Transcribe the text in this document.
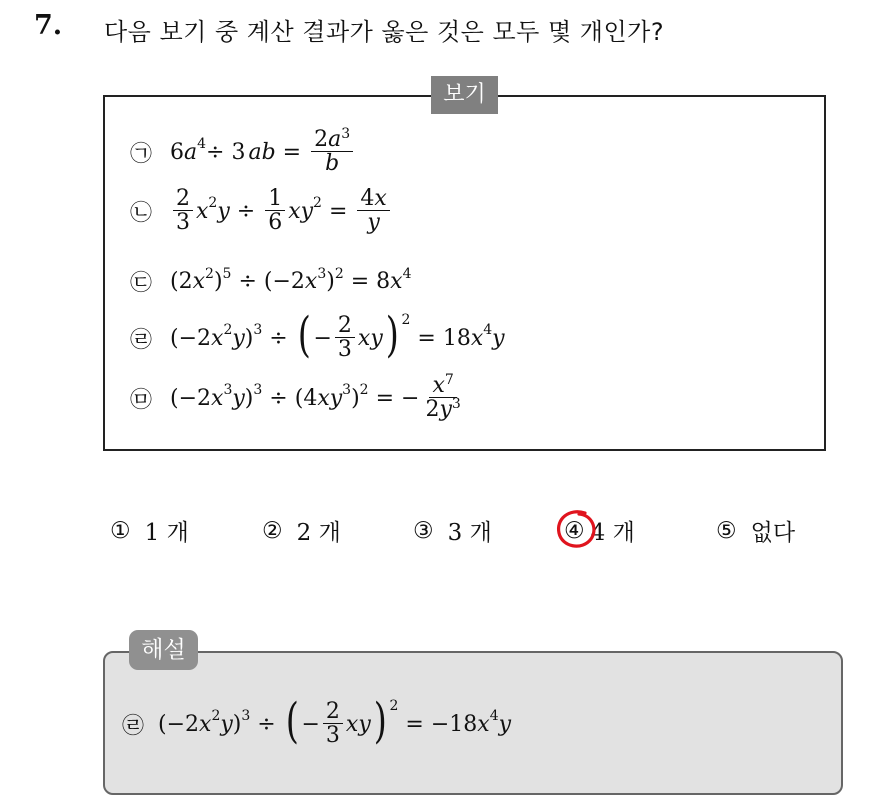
7. 다음 보기 중 계산 결과가 옳은 것은 모두 몇 개인가?
보기
㉠ 6 $a^4 \div 3$ ab = $\frac{2a^3}{b}$
㉡ $\frac{2}{3} x^2$ $y \div \frac{1}{6} xy^2 = \frac{4x}{y}$
㉢ (2 $x^2$ )$^5$ ÷ (−2 $x^3$ )$^2$ = 8 $x^4$
㉣ (−2 $x^2$ y )$^3$ ÷ ( − $\frac{2}{3}$ xy )$^2$
= 18 $x^4$ y
㉤ (−2 $x^3$ y )$^3$ ÷ (4 $xy^3$ )$^2$ = − $\frac{x^7}{2y^3}$
① 1 개	② 2 개	③ 3 개	④ 4 개	⑤ 없다
해설
㉣ (−2 $x^2$ y )$^3$ ÷ ( − $\frac{2}{3}$ xy )$^2$
= −18 $x^4$ y
